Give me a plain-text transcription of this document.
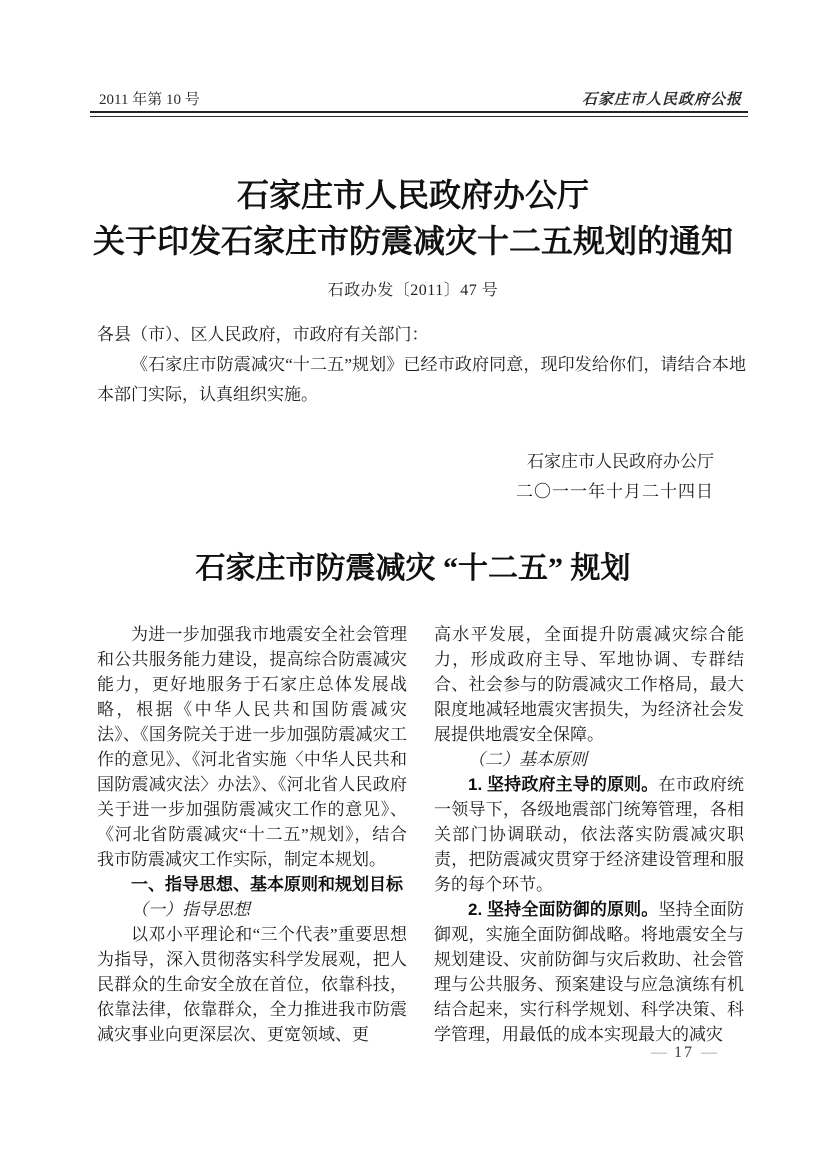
2011 年第 10 号	石家庄市人民政府公报
石家庄市人民政府办公厅
关于印发石家庄市防震减灾十二五规划的通知
石政办发〔2011〕47 号

各县（市）、区人民政府，市政府有关部门：

《石家庄市防震减灾“十二五”规划》已经市政府同意，现印发给你们，请结合本地本部门实际，认真组织实施。

石家庄市人民政府办公厅
二〇一一年十月二十四日
石家庄市防震减灾 “十二五” 规划

为进一步加强我市地震安全社会管理和公共服务能力建设，提高综合防震减灾能力，更好地服务于石家庄总体发展战略，根据《中华人民共和国防震减灾法》、《国务院关于进一步加强防震减灾工作的意见》、《河北省实施〈中华人民共和国防震减灾法〉办法》、《河北省人民政府关于进一步加强防震减灾工作的意见》、《河北省防震减灾“十二五”规划》，结合我市防震减灾工作实际，制定本规划。

一、指导思想、基本原则和规划目标

（一）指导思想

以邓小平理论和“三个代表”重要思想为指导，深入贯彻落实科学发展观，把人民群众的生命安全放在首位，依靠科技，依靠法律，依靠群众，全力推进我市防震减灾事业向更深层次、更宽领域、更

高水平发展，全面提升防震减灾综合能力，形成政府主导、军地协调、专群结合、社会参与的防震减灾工作格局，最大限度地减轻地震灾害损失，为经济社会发展提供地震安全保障。

（二）基本原则

1. 坚持政府主导的原则。在市政府统一领导下，各级地震部门统筹管理，各相关部门协调联动，依法落实防震减灾职责，把防震减灾贯穿于经济建设管理和服务的每个环节。

2. 坚持全面防御的原则。坚持全面防御观，实施全面防御战略。将地震安全与规划建设、灾前防御与灾后救助、社会管理与公共服务、预案建设与应急演练有机结合起来，实行科学规划、科学决策、科学管理，用最低的成本实现最大的减灾

— 17 —
